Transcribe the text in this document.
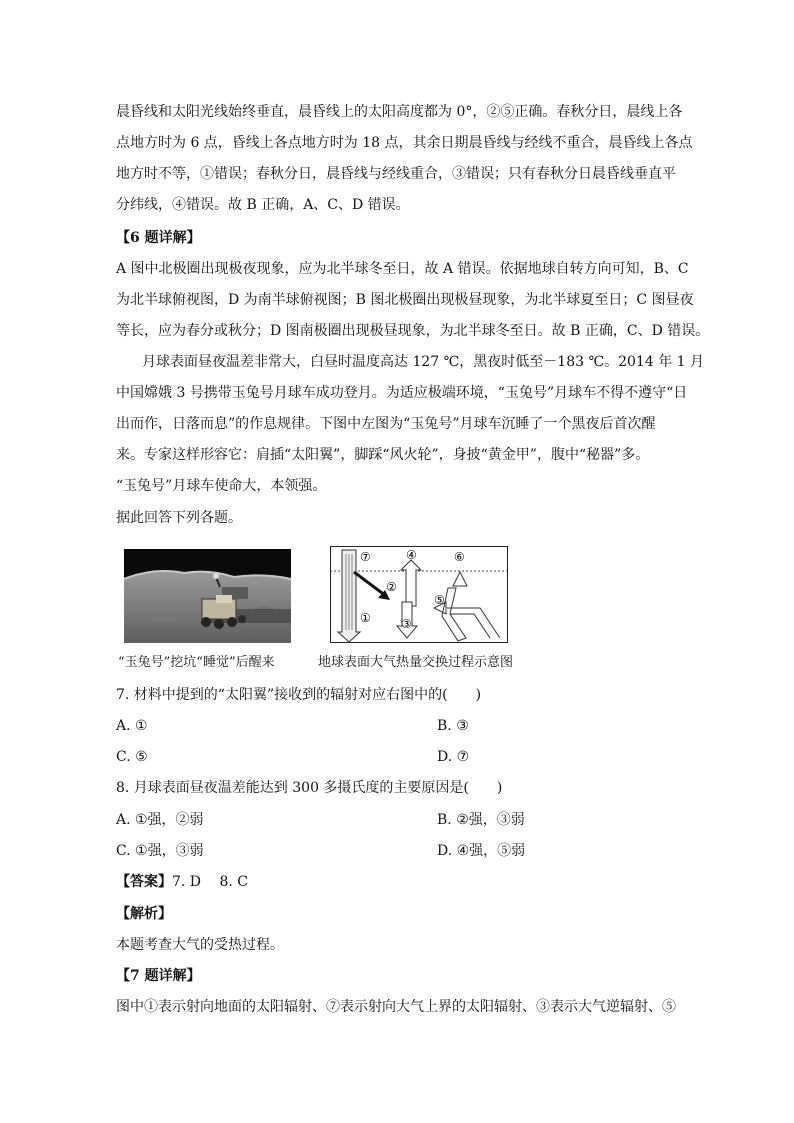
晨昏线和太阳光线始终垂直，晨昏线上的太阳高度都为 0°，②⑤正确。春秋分日，晨线上各
点地方时为 6 点，昏线上各点地方时为 18 点，其余日期晨昏线与经线不重合，晨昏线上各点
地方时不等，①错误；春秋分日，晨昏线与经线重合，③错误；只有春秋分日晨昏线垂直平
分纬线，④错误。故 B 正确，A、C、D 错误。
【6 题详解】
A 图中北极圈出现极夜现象，应为北半球冬至日，故 A 错误。依据地球自转方向可知，B、C
为北半球俯视图，D 为南半球俯视图；B 图北极圈出现极昼现象，为北半球夏至日；C 图昼夜
等长，应为春分或秋分；D 图南极圈出现极昼现象，为北半球冬至日。故 B 正确，C、D 错误。
月球表面昼夜温差非常大，白昼时温度高达 127 ℃，黑夜时低至－183 ℃。2014 年 1 月
中国嫦娥 3 号携带玉兔号月球车成功登月。为适应极端环境，“玉兔号”月球车不得不遵守“日
出而作，日落而息”的作息规律。下图中左图为“玉兔号”月球车沉睡了一个黑夜后首次醒
来。专家这样形容它：肩插“太阳翼”，脚踩“风火轮”，身披“黄金甲”，腹中“秘器”多。
“玉兔号”月球车使命大，本领强。
据此回答下列各题。
“玉兔号”挖坑“睡觉”后醒来
⑦	④	⑥
②
⑤
①	③
地球表面大气热量交换过程示意图
7. 材料中提到的“太阳翼”接收到的辐射对应右图中的(　　)
A. ①	B. ③
C. ⑤	D. ⑦
8. 月球表面昼夜温差能达到 300 多摄氏度的主要原因是(　　)
A. ①强，②弱	B. ②强，③弱
C. ①强，③弱	D. ④强，⑤弱
【答案】7. D　 8. C
【解析】
本题考查大气的受热过程。
【7 题详解】
图中①表示射向地面的太阳辐射、⑦表示射向大气上界的太阳辐射、③表示大气逆辐射、⑤
